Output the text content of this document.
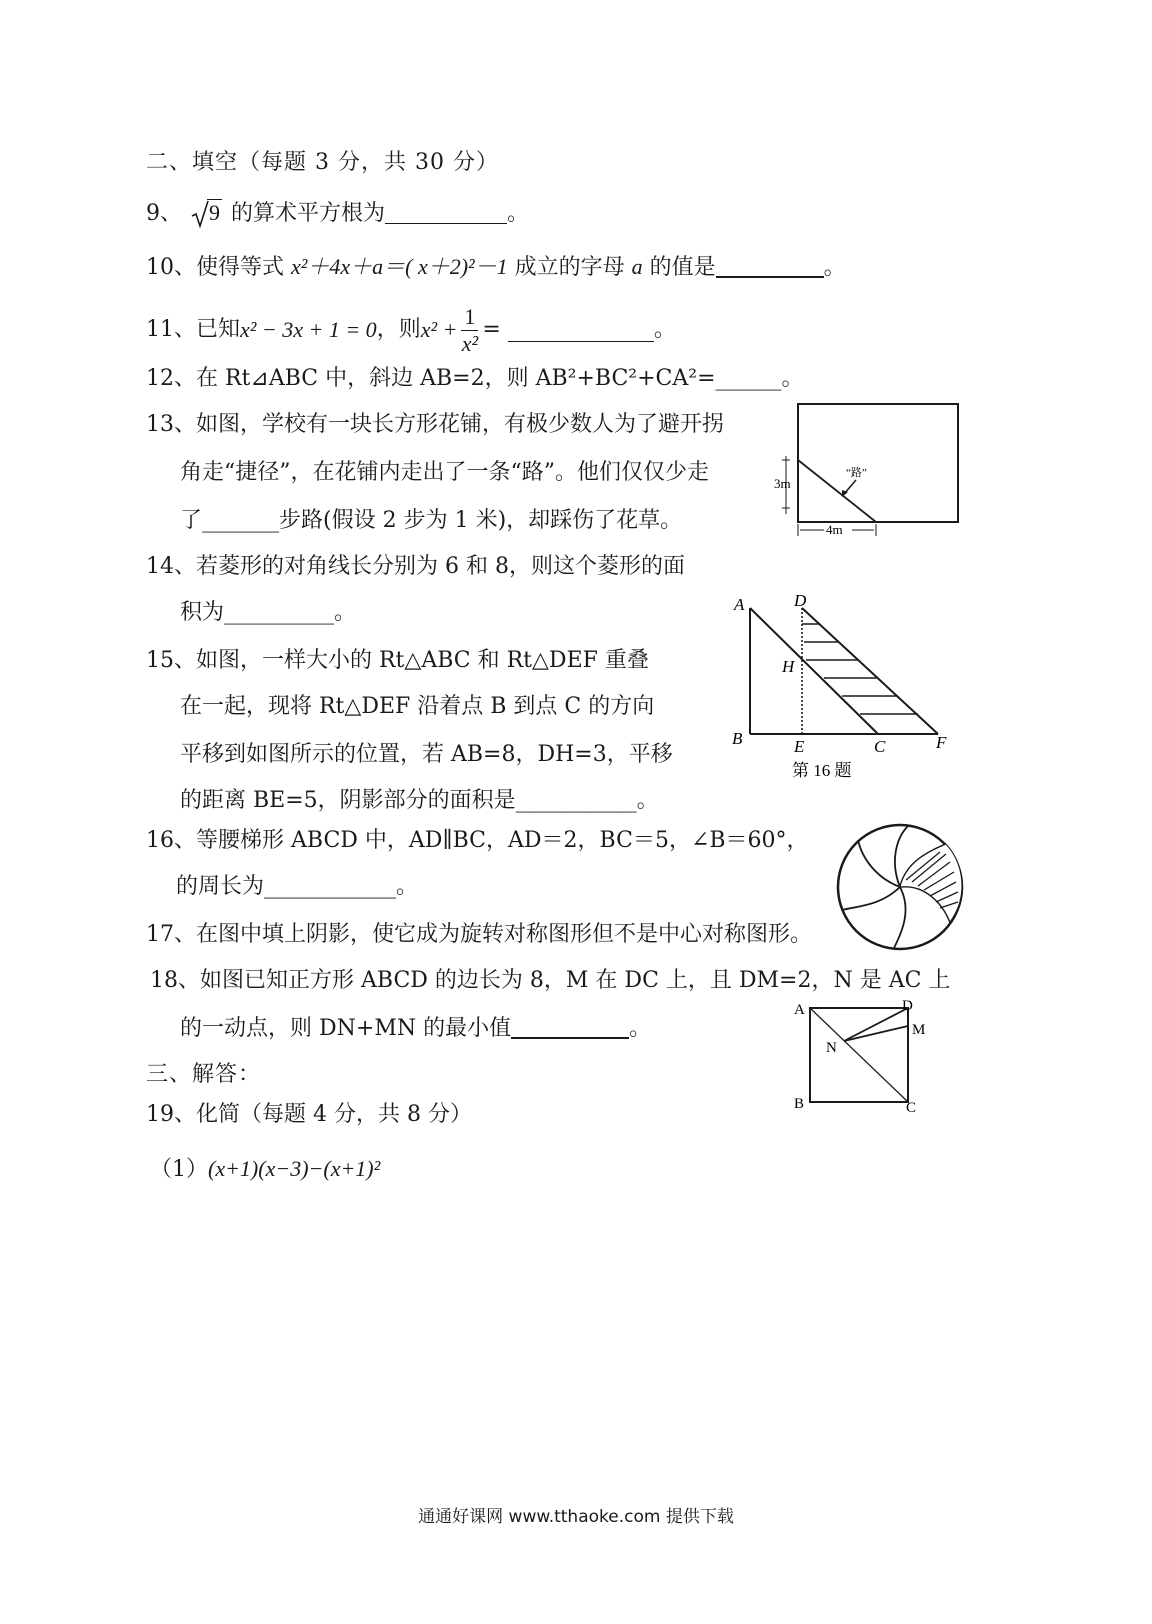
二、填空（每题 3 分，共 30 分）
9、 9 的算术平方根为	。
10、使得等式 x²＋4x＋a＝( x＋2)²－1 成立的字母 a 的值是	。
11、 已知 x² − 3x + 1 = 0 ，则 $x^2 + \frac{1}{\text{x²}}$ =
	。
12、在 Rt⊿ABC 中，斜边 AB=2，则 AB²+BC²+CA²=______。
13、如图，学校有一块长方形花铺，有极少数人为了避开拐
角走“捷径”，在花铺内走出了一条“路”。他们仅仅少走
了_______步路(假设 2 步为 1 米)，却踩伤了花草。
3m
4m
“路”
14、若菱形的对角线长分别为 6 和 8，则这个菱形的面
积为__________。	A	D
H
B	E	C	F
第 16 题
15、如图，一样大小的 Rt△ABC 和 Rt△DEF 重叠
在一起，现将 Rt△DEF 沿着点 B 到点 C 的方向
平移到如图所示的位置，若 AB=8，DH=3，平移
的距离 BE=5，阴影部分的面积是___________。
16、等腰梯形 ABCD 中，AD∥BC，AD＝2，BC＝5，∠B＝60°，
的周长为____________。
17、在图中填上阴影，使它成为旋转对称图形但不是中心对称图形。
18、如图已知正方形 ABCD 的边长为 8，M 在 DC 上，且 DM=2，N 是 AC 上
的一动点，则 DN+MN 的最小值	。
A	D
M
N
B	C
三、解答：
19、化简（每题 4 分，共 8 分）
（1）(x+1)(x−3)−(x+1)²
通通好课网 www.tthaoke.com 提供下载
